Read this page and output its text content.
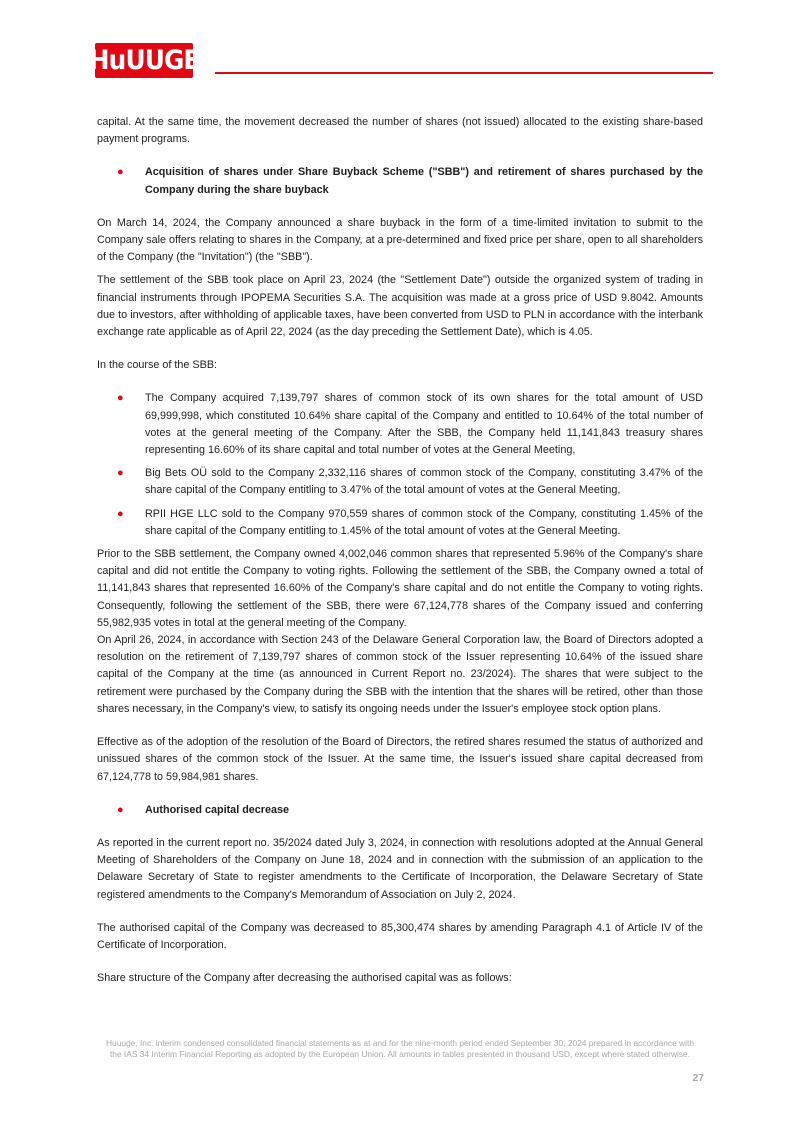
HuUUGE

capital. At the same time, the movement decreased the number of shares (not issued) allocated to the existing share-based payment programs.

● Acquisition of shares under Share Buyback Scheme ("SBB") and retirement of shares purchased by the Company during the share buyback

On March 14, 2024, the Company announced a share buyback in the form of a time-limited invitation to submit to the Company sale offers relating to shares in the Company, at a pre-determined and fixed price per share, open to all shareholders of the Company (the "Invitation") (the "SBB").

The settlement of the SBB took place on April 23, 2024 (the "Settlement Date") outside the organized system of trading in financial instruments through IPOPEMA Securities S.A. The acquisition was made at a gross price of USD 9.8042. Amounts due to investors, after withholding of applicable taxes, have been converted from USD to PLN in accordance with the interbank exchange rate applicable as of April 22, 2024 (as the day preceding the Settlement Date), which is 4.05.

In the course of the SBB:

● The Company acquired 7,139,797 shares of common stock of its own shares for the total amount of USD 69,999,998, which constituted 10.64% share capital of the Company and entitled to 10.64% of the total number of votes at the general meeting of the Company. After the SBB, the Company held 11,141,843 treasury shares representing 16.60% of its share capital and total number of votes at the General Meeting,
● Big Bets OÜ sold to the Company 2,332,116 shares of common stock of the Company, constituting 3.47% of the share capital of the Company entitling to 3.47% of the total amount of votes at the General Meeting,
● RPII HGE LLC sold to the Company 970,559 shares of common stock of the Company, constituting 1.45% of the share capital of the Company entitling to 1.45% of the total amount of votes at the General Meeting.

Prior to the SBB settlement, the Company owned 4,002,046 common shares that represented 5.96% of the Company's share capital and did not entitle the Company to voting rights. Following the settlement of the SBB, the Company owned a total of 11,141,843 shares that represented 16.60% of the Company's share capital and do not entitle the Company to voting rights. Consequently, following the settlement of the SBB, there were 67,124,778 shares of the Company issued and conferring 55,982,935 votes in total at the general meeting of the Company.

On April 26, 2024, in accordance with Section 243 of the Delaware General Corporation law, the Board of Directors adopted a resolution on the retirement of 7,139,797 shares of common stock of the Issuer representing 10.64% of the issued share capital of the Company at the time (as announced in Current Report no. 23/2024). The shares that were subject to the retirement were purchased by the Company during the SBB with the intention that the shares will be retired, other than those shares necessary, in the Company's view, to satisfy its ongoing needs under the Issuer's employee stock option plans.

Effective as of the adoption of the resolution of the Board of Directors, the retired shares resumed the status of authorized and unissued shares of the common stock of the Issuer. At the same time, the Issuer's issued share capital decreased from 67,124,778 to 59,984,981 shares.

● Authorised capital decrease

As reported in the current report no. 35/2024 dated July 3, 2024, in connection with resolutions adopted at the Annual General Meeting of Shareholders of the Company on June 18, 2024 and in connection with the submission of an application to the Delaware Secretary of State to register amendments to the Certificate of Incorporation, the Delaware Secretary of State registered amendments to the Company's Memorandum of Association on July 2, 2024.

The authorised capital of the Company was decreased to 85,300,474 shares by amending Paragraph 4.1 of Article IV of the Certificate of Incorporation.

Share structure of the Company after decreasing the authorised capital was as follows:

Huuuge, Inc. interim condensed consolidated financial statements as at and for the nine-month period ended September 30, 2024 prepared in accordance with the IAS 34 Interim Financial Reporting as adopted by the European Union. All amounts in tables presented in thousand USD, except where stated otherwise.
27
